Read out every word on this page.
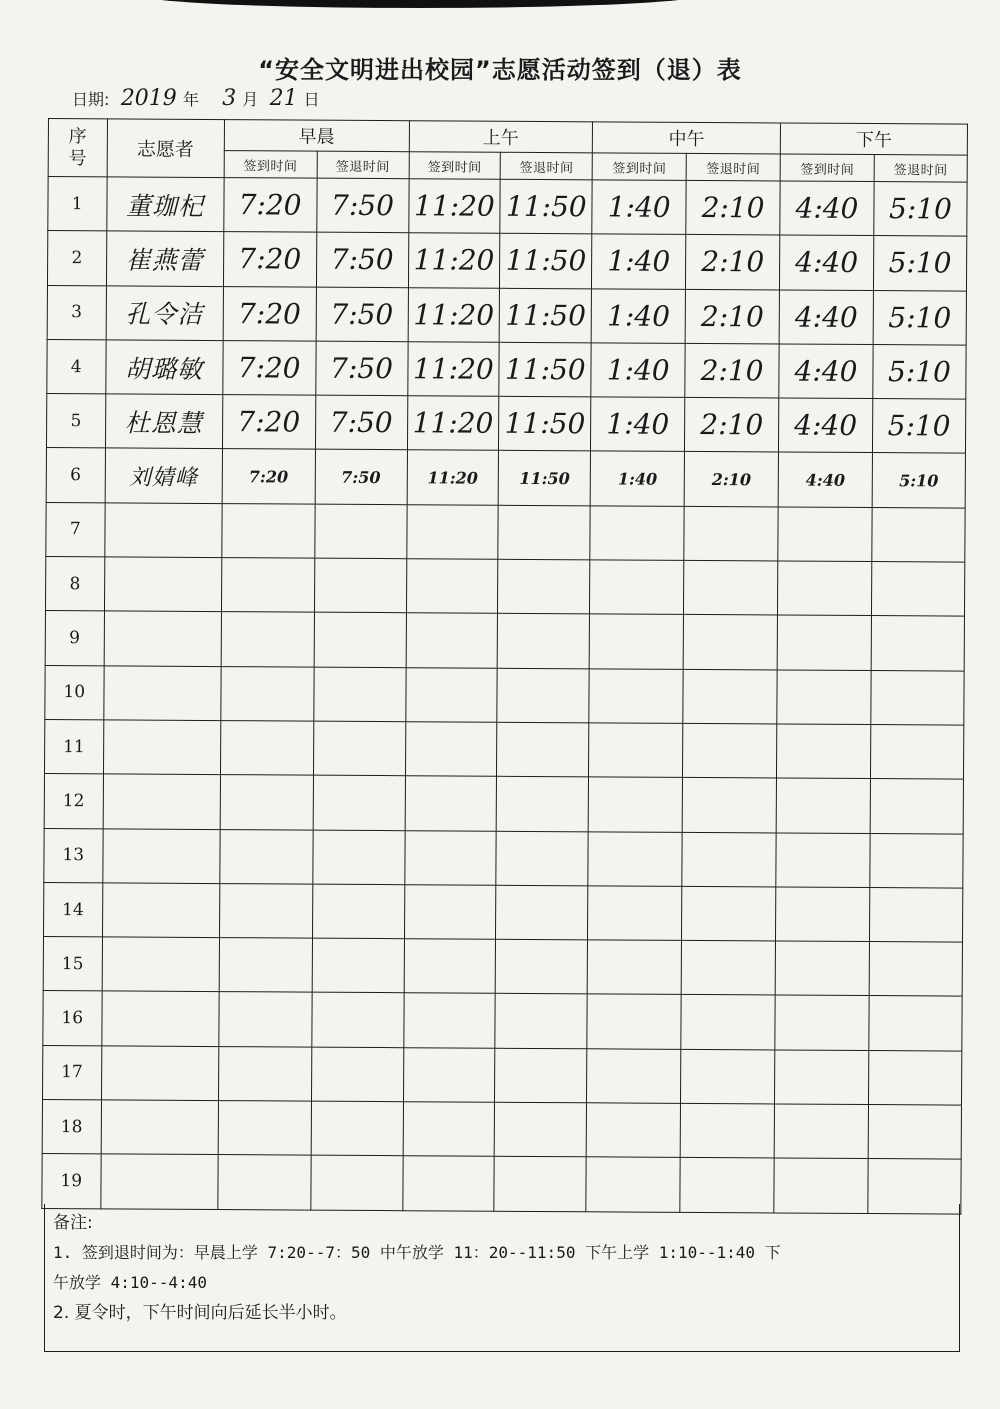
“安全文明进出校园”志愿活动签到（退）表
日期: 2019 年 3 月 21 日
序号	志愿者	早晨		上午		中午		下午	
		签到时间	签退时间	签到时间	签退时间	签到时间	签退时间	签到时间	签退时间
1	董珈杞	7:20	7:50	11:20	11:50	1:40	2:10	4:40	5:10
2	崔燕蕾	7:20	7:50	11:20	11:50	1:40	2:10	4:40	5:10
3	孔令洁	7:20	7:50	11:20	11:50	1:40	2:10	4:40	5:10
4	胡璐敏	7:20	7:50	11:20	11:50	1:40	2:10	4:40	5:10
5	杜恩慧	7:20	7:50	11:20	11:50	1:40	2:10	4:40	5:10
6	刘婧峰	7:20	7:50	11:20	11:50	1:40	2:10	4:40	5:10
7									
8									
9									
10									
11									
12									
13									
14									
15									
16									
17									
18									
19									
备注:
1. 签到退时间为：早晨上学 7:20--7：50 中午放学 11：20--11:50 下午上学 1:10--1:40 下
午放学 4:10--4:40
2. 夏令时，下午时间向后延长半小时。
